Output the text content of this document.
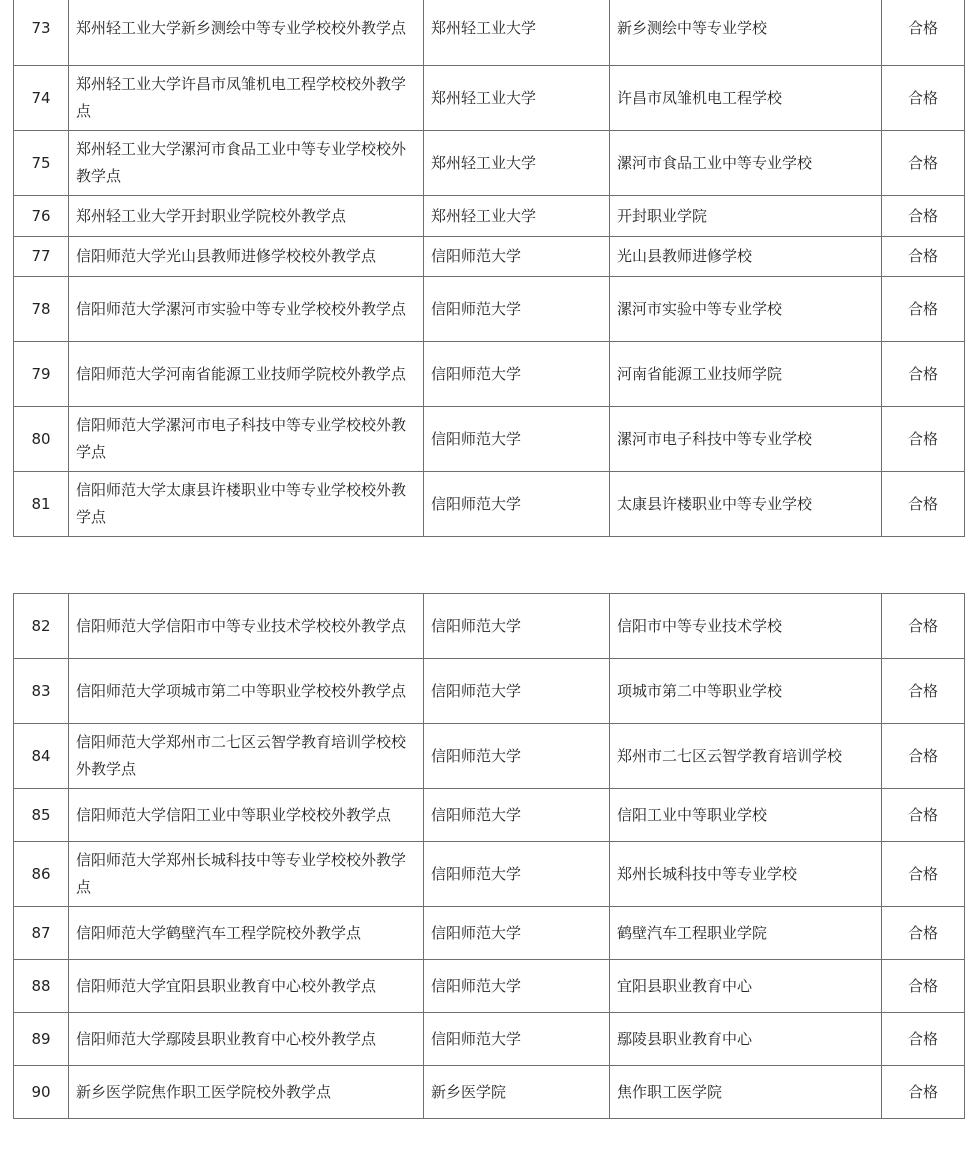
73	郑州轻工业大学新乡测绘中等专业学校校外教学点	郑州轻工业大学	新乡测绘中等专业学校	合格
74	郑州轻工业大学许昌市凤雏机电工程学校校外教学点	郑州轻工业大学	许昌市凤雏机电工程学校	合格
75	郑州轻工业大学漯河市食品工业中等专业学校校外教学点	郑州轻工业大学	漯河市食品工业中等专业学校	合格
76	郑州轻工业大学开封职业学院校外教学点	郑州轻工业大学	开封职业学院	合格
77	信阳师范大学光山县教师进修学校校外教学点	信阳师范大学	光山县教师进修学校	合格
78	信阳师范大学漯河市实验中等专业学校校外教学点	信阳师范大学	漯河市实验中等专业学校	合格
79	信阳师范大学河南省能源工业技师学院校外教学点	信阳师范大学	河南省能源工业技师学院	合格
80	信阳师范大学漯河市电子科技中等专业学校校外教学点	信阳师范大学	漯河市电子科技中等专业学校	合格
81	信阳师范大学太康县许楼职业中等专业学校校外教学点	信阳师范大学	太康县许楼职业中等专业学校	合格
82	信阳师范大学信阳市中等专业技术学校校外教学点	信阳师范大学	信阳市中等专业技术学校	合格
83	信阳师范大学项城市第二中等职业学校校外教学点	信阳师范大学	项城市第二中等职业学校	合格
84	信阳师范大学郑州市二七区云智学教育培训学校校外教学点	信阳师范大学	郑州市二七区云智学教育培训学校	合格
85	信阳师范大学信阳工业中等职业学校校外教学点	信阳师范大学	信阳工业中等职业学校	合格
86	信阳师范大学郑州长城科技中等专业学校校外教学点	信阳师范大学	郑州长城科技中等专业学校	合格
87	信阳师范大学鹤壁汽车工程学院校外教学点	信阳师范大学	鹤壁汽车工程职业学院	合格
88	信阳师范大学宜阳县职业教育中心校外教学点	信阳师范大学	宜阳县职业教育中心	合格
89	信阳师范大学鄢陵县职业教育中心校外教学点	信阳师范大学	鄢陵县职业教育中心	合格
90	新乡医学院焦作职工医学院校外教学点	新乡医学院	焦作职工医学院	合格
